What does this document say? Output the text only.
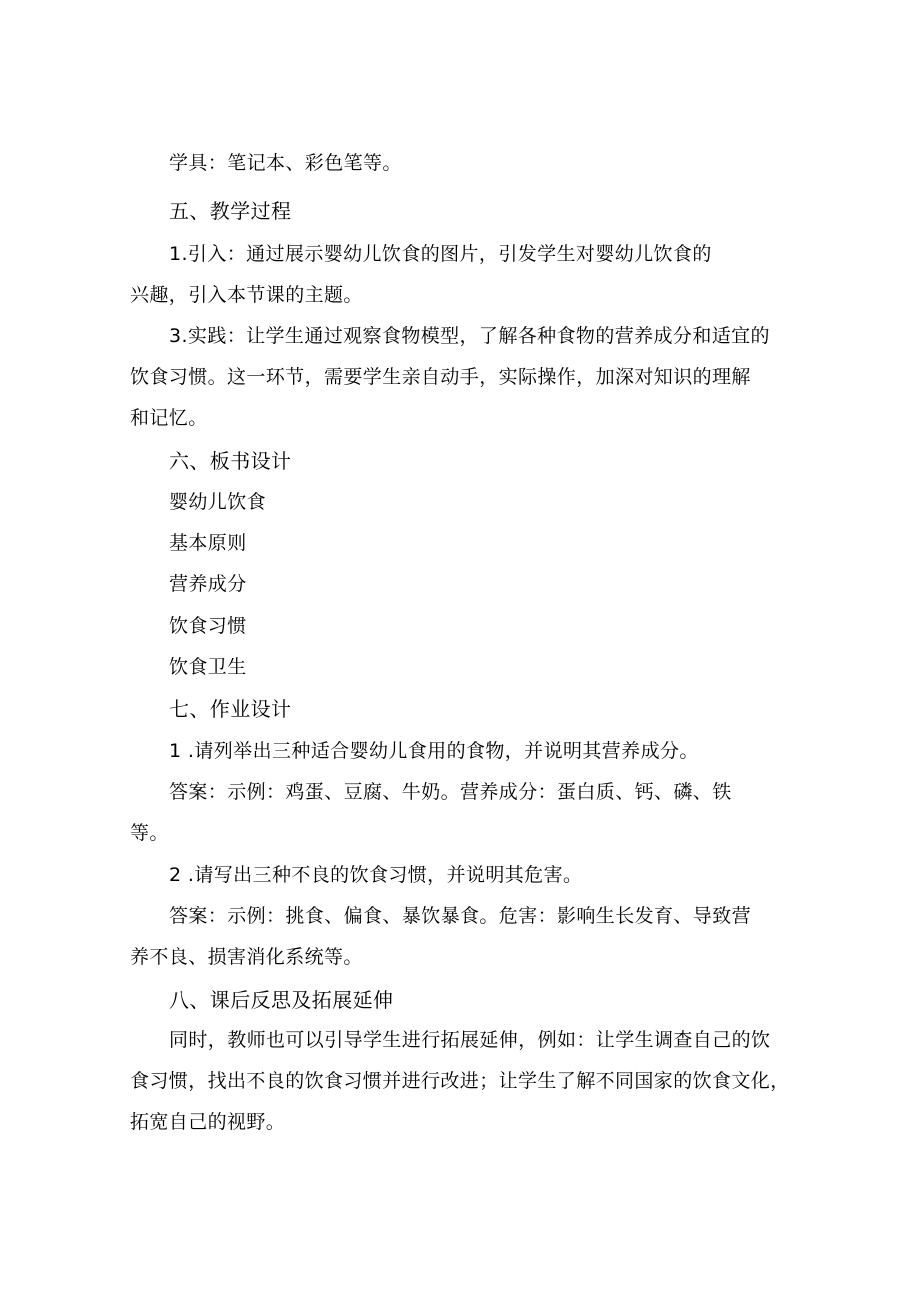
学具：笔记本、彩色笔等。
五、教学过程
1.引入：通过展示婴幼儿饮食的图片，引发学生对婴幼儿饮食的
兴趣，引入本节课的主题。
3.实践：让学生通过观察食物模型，了解各种食物的营养成分和适宜的
饮食习惯。这一环节，需要学生亲自动手，实际操作，加深对知识的理解
和记忆。
六、板书设计
婴幼儿饮食
基本原则
营养成分
饮食习惯
饮食卫生
七、作业设计
1 .请列举出三种适合婴幼儿食用的食物，并说明其营养成分。
答案：示例：鸡蛋、豆腐、牛奶。营养成分：蛋白质、钙、磷、铁
等。
2 .请写出三种不良的饮食习惯，并说明其危害。
答案：示例：挑食、偏食、暴饮暴食。危害：影响生长发育、导致营
养不良、损害消化系统等。
八、课后反思及拓展延伸
同时，教师也可以引导学生进行拓展延伸，例如：让学生调查自己的饮
食习惯，找出不良的饮食习惯并进行改进；让学生了解不同国家的饮食文化，
拓宽自己的视野。
